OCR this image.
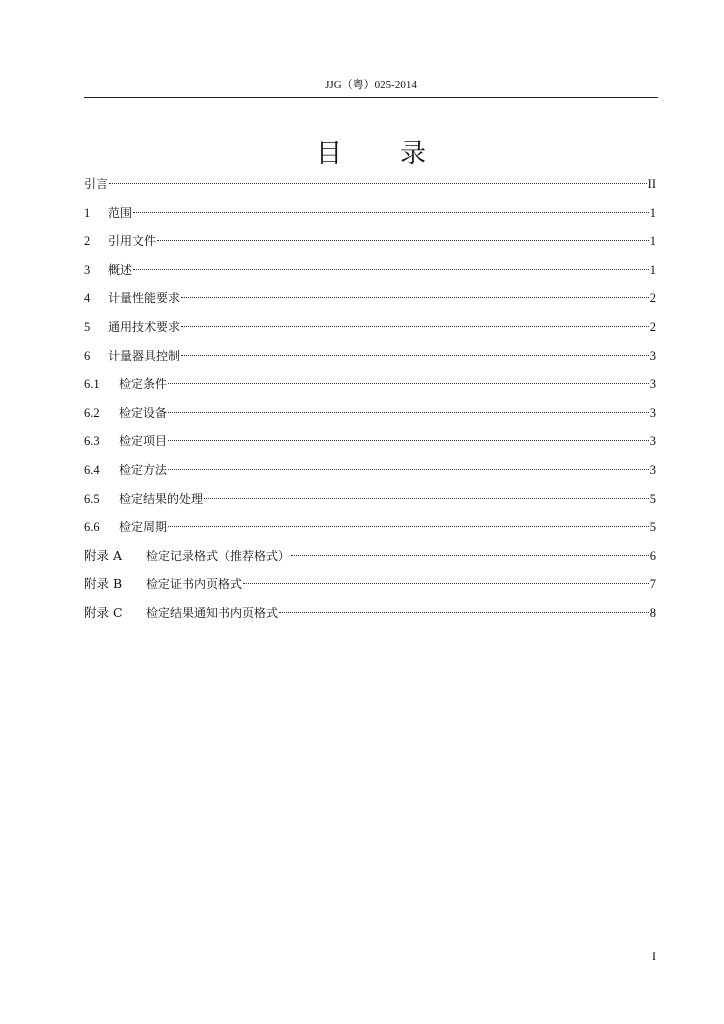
JJG（粤）025-2014
目录
引言	II
1	范围	1
2	引用文件	1
3	概述	1
4	计量性能要求	2
5	通用技术要求	2
6	计量器具控制	3
6.1	检定条件	3
6.2	检定设备	3
6.3	检定项目	3
6.4	检定方法	3
6.5	检定结果的处理	5
6.6	检定周期	5
附录 A	检定记录格式（推荐格式）	6
附录 B	检定证书内页格式	7
附录 C	检定结果通知书内页格式	8
I
